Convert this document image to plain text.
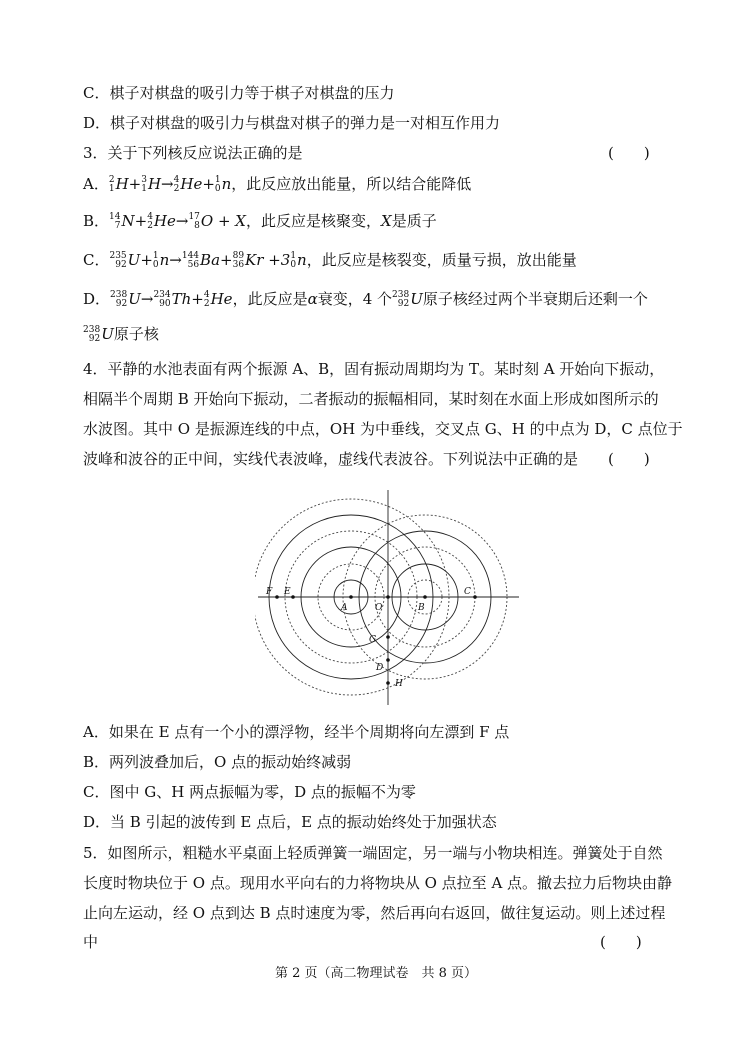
C．棋子对棋盘的吸引力等于棋子对棋盘的压力
D．棋子对棋盘的吸引力与棋盘对棋子的弹力是一对相互作用力
3．关于下列核反应说法正确的是	(　　)
A． 2
1 H+ 3
1 H→ 4
2 He+ 1
0 n，此反应放出能量，所以结合能降低
B． 14
7 N+ 4
2 He→ 17
8 O + X，此反应是核聚变，X是质子
C． 235
92 U+ 1
0 n→ 144
56 Ba+ 89
36 Kr +3 1
0 n，此反应是核裂变，质量亏损，放出能量
D． 238
92 U→ 234
90 Th+ 4
2 He，此反应是α衰变，4 个 238
92 U原子核经过两个半衰期后还剩一个
238
92 U原子核
4．平静的水池表面有两个振源 A、B，固有振动周期均为 T。某时刻 A 开始向下振动，
相隔半个周期 B 开始向下振动，二者振动的振幅相同，某时刻在水面上形成如图所示的
水波图。其中 O 是振源连线的中点，OH 为中垂线，交叉点 G、H 的中点为 D，C 点位于
波峰和波谷的正中间，实线代表波峰，虚线代表波谷。下列说法中正确的是 (　　)
F E
A	O	B
C
G
D
H
A．如果在 E 点有一个小的漂浮物，经半个周期将向左漂到 F 点
B．两列波叠加后，O 点的振动始终减弱
C．图中 G、H 两点振幅为零，D 点的振幅不为零
D．当 B 引起的波传到 E 点后，E 点的振动始终处于加强状态
5．如图所示，粗糙水平桌面上轻质弹簧一端固定，另一端与小物块相连。弹簧处于自然
长度时物块位于 O 点。现用水平向右的力将物块从 O 点拉至 A 点。撤去拉力后物块由静
止向左运动，经 O 点到达 B 点时速度为零，然后再向右返回，做往复运动。则上述过程
中	(　　)
第 2 页（高二物理试卷　共 8 页）
